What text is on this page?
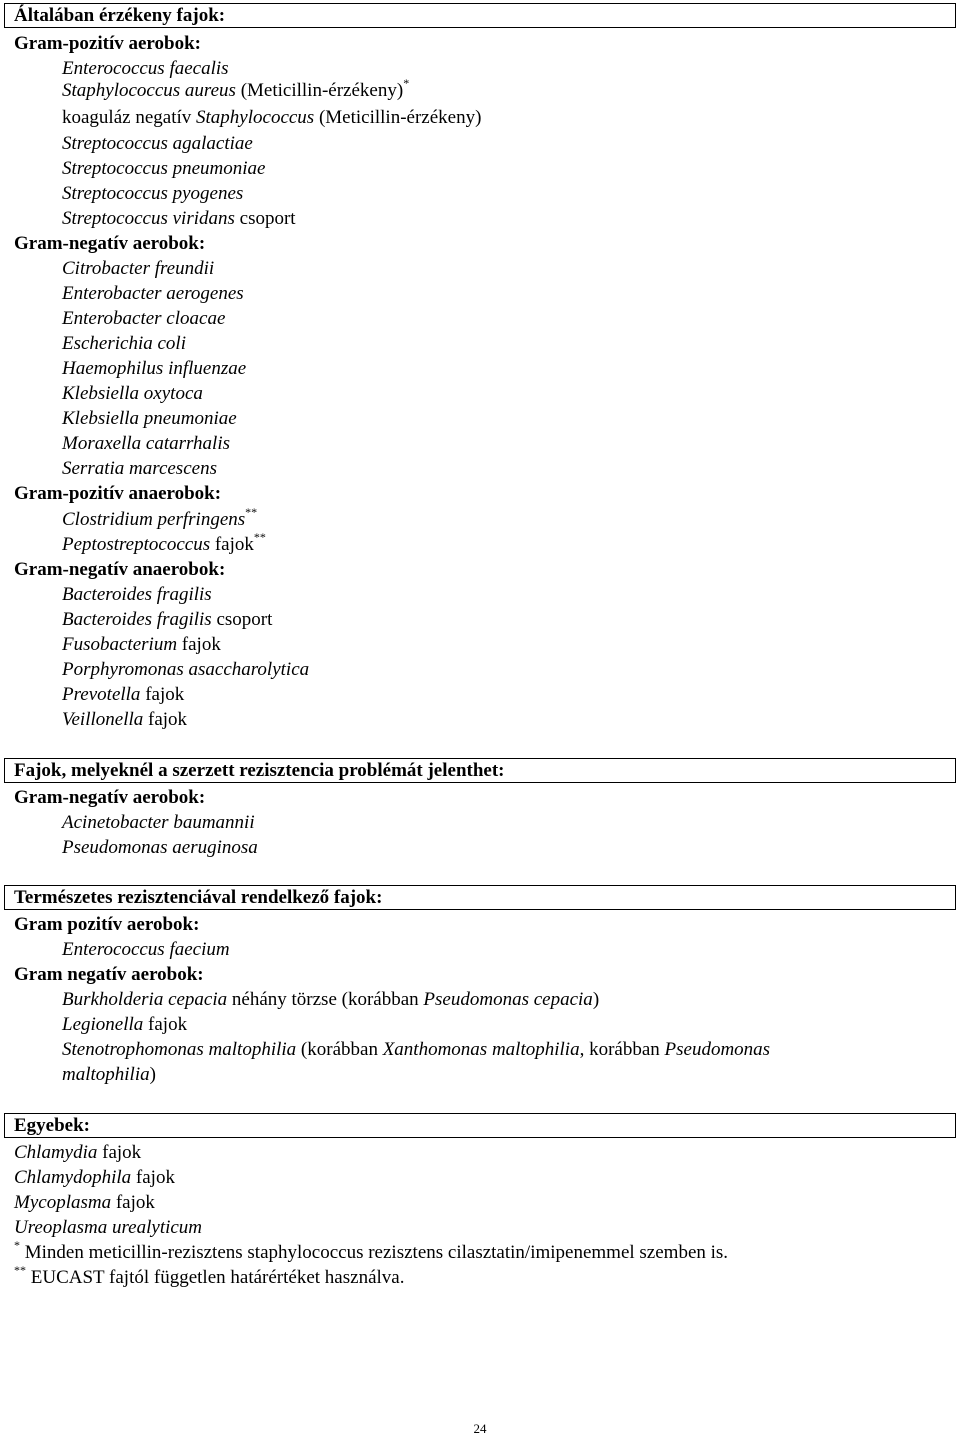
Általában érzékeny fajok:
Gram-pozitív aerobok:
Enterococcus faecalis
Staphylococcus aureus (Meticillin-érzékeny)*
koaguláz negatív Staphylococcus (Meticillin-érzékeny)
Streptococcus agalactiae
Streptococcus pneumoniae
Streptococcus pyogenes
Streptococcus viridans csoport
Gram-negatív aerobok:
Citrobacter freundii
Enterobacter aerogenes
Enterobacter cloacae
Escherichia coli
Haemophilus influenzae
Klebsiella oxytoca
Klebsiella pneumoniae
Moraxella catarrhalis
Serratia marcescens
Gram-pozitív anaerobok:
Clostridium perfringens**
Peptostreptococcus fajok**
Gram-negatív anaerobok:
Bacteroides fragilis
Bacteroides fragilis csoport
Fusobacterium fajok
Porphyromonas asaccharolytica
Prevotella fajok
Veillonella fajok
Fajok, melyeknél a szerzett rezisztencia problémát jelenthet:
Gram-negatív aerobok:
Acinetobacter baumannii
Pseudomonas aeruginosa
Természetes rezisztenciával rendelkező fajok:
Gram pozitív aerobok:
Enterococcus faecium
Gram negatív aerobok:
Burkholderia cepacia néhány törzse (korábban Pseudomonas cepacia)
Legionella fajok
Stenotrophomonas maltophilia (korábban Xanthomonas maltophilia, korábban Pseudomonas
maltophilia)
Egyebek:
Chlamydia fajok
Chlamydophila fajok
Mycoplasma fajok
Ureoplasma urealyticum
* Minden meticillin-rezisztens staphylococcus rezisztens cilasztatin/imipenemmel szemben is.
** EUCAST fajtól független határértéket használva.
24
